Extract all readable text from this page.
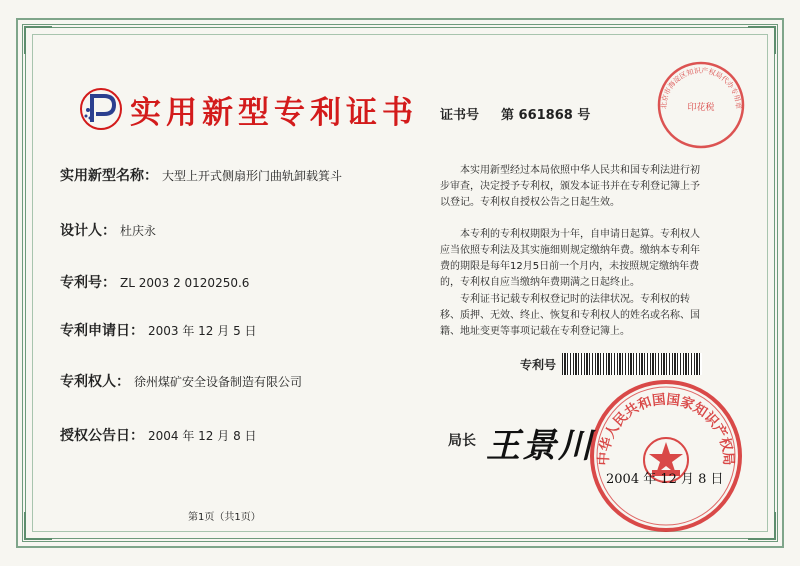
实用新型专利证书
实用新型名称： 大型上开式侧扇形门曲轨卸载箕斗
设计人： 杜庆永
专利号： ZL 2003 2 0120250.6
专利申请日： 2003 年 12 月 5 日
专利权人： 徐州煤矿安全设备制造有限公司
授权公告日： 2004 年 12 月 8 日
证书号 第 661868 号
本实用新型经过本局依照中华人民共和国专利法进行初步审查，决定授予专利权，颁发本证书并在专利登记簿上予以登记。专利权自授权公告之日起生效。
本专利的专利权期限为十年，自申请日起算。专利权人应当依照专利法及其实施细则规定缴纳年费。缴纳本专利年费的期限是每年12月5日前一个月内，未按照规定缴纳年费的，专利权自应当缴纳年费期满之日起终止。
专利证书记载专利权登记时的法律状况。专利权的转移、质押、无效、终止、恢复和专利权人的姓名或名称、国籍、地址变更等事项记载在专利登记簿上。
专利号
中华人民共和国国家知识产权局
局长 王景川
2004 年 12 月 8 日
北京市海淀区知识产权局代办专用章
印花税
第1页（共1页）
